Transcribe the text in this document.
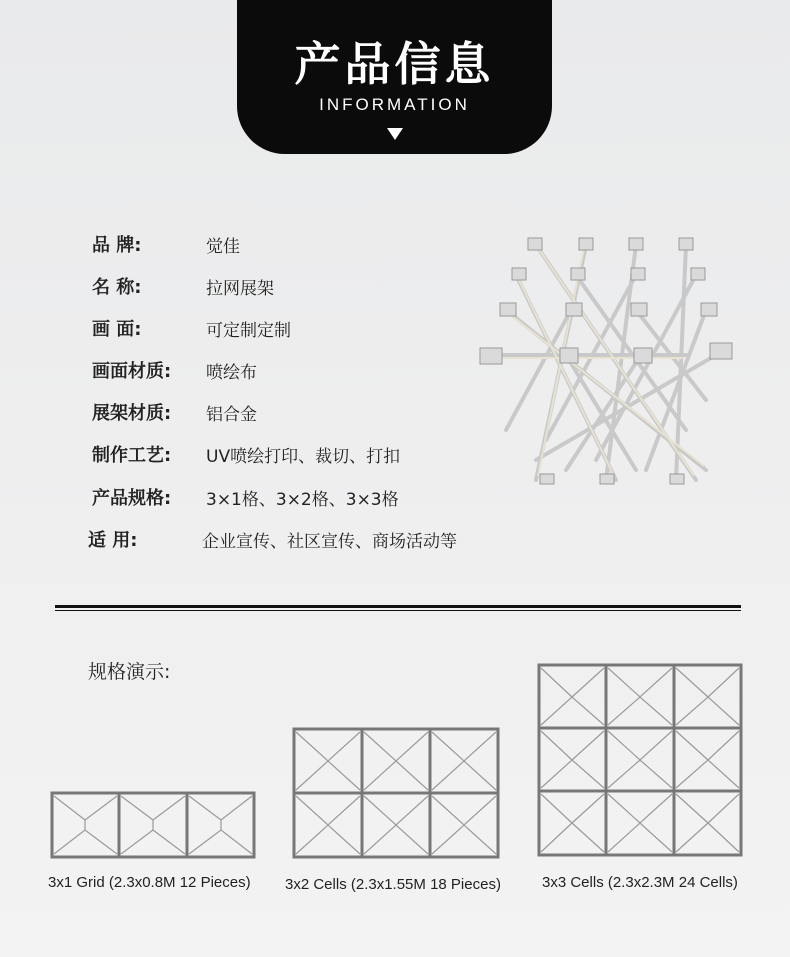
产品信息
INFORMATION
品 牌:	觉佳
名 称:	拉网展架
画 面:	可定制定制
画面材质:	喷绘布
展架材质:	铝合金
制作工艺:	UV喷绘打印、裁切、打扣
产品规格:	3×1格、3×2格、3×3格
适 用:	企业宣传、社区宣传、商场活动等
规格演示:
3x1 Grid (2.3x0.8M 12 Pieces) 3x2 Cells (2.3x1.55M 18 Pieces)	3x3 Cells (2.3x2.3M 24 Cells)
